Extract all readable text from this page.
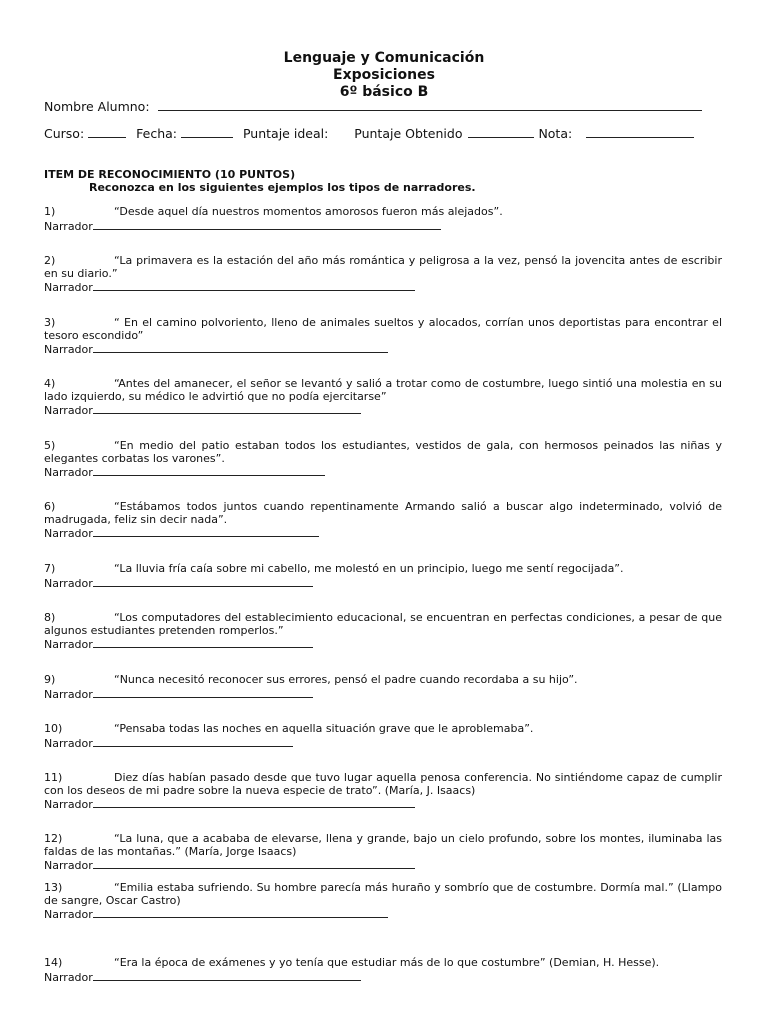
Lenguaje y Comunicación
Exposiciones
6º básico B
Nombre Alumno:
Curso:	Fecha:	Puntaje ideal: Puntaje Obtenido	Nota:
ITEM DE RECONOCIMIENTO (10 PUNTOS)
Reconozca en los siguientes ejemplos los tipos de narradores.
1)	“Desde aquel día nuestros momentos amorosos fueron más alejados”.
Narrador
2)	“La primavera es la estación del año más romántica y peligrosa a la vez, pensó la jovencita antes de escribir en su diario.”
Narrador
3)	“ En el camino polvoriento, lleno de animales sueltos y alocados, corrían unos deportistas para encontrar el tesoro escondido”
Narrador
4)	“Antes del amanecer, el señor se levantó y salió a trotar como de costumbre, luego sintió una molestia en su lado izquierdo, su médico le advirtió que no podía ejercitarse”
Narrador
5)	“En medio del patio estaban todos los estudiantes, vestidos de gala, con hermosos peinados las niñas y elegantes corbatas los varones”.
Narrador
6)	“Estábamos todos juntos cuando repentinamente Armando salió a buscar algo indeterminado, volvió de madrugada, feliz sin decir nada”.
Narrador
7)	“La lluvia fría caía sobre mi cabello, me molestó en un principio, luego me sentí regocijada”.
Narrador
8)	“Los computadores del establecimiento educacional, se encuentran en perfectas condiciones, a pesar de que algunos estudiantes pretenden romperlos.”
Narrador
9)	“Nunca necesitó reconocer sus errores, pensó el padre cuando recordaba a su hijo”.
Narrador
10)	“Pensaba todas las noches en aquella situación grave que le aproblemaba”.
Narrador
11)	Diez días habían pasado desde que tuvo lugar aquella penosa conferencia. No sintiéndome capaz de cumplir con los deseos de mi padre sobre la nueva especie de trato”. (María, J. Isaacs)
Narrador
12)	“La luna, que a acababa de elevarse, llena y grande, bajo un cielo profundo, sobre los montes, iluminaba las faldas de las montañas.” (María, Jorge Isaacs)
Narrador
13)	“Emilia estaba sufriendo. Su hombre parecía más huraño y sombrío que de costumbre. Dormía mal.” (Llampo de sangre, Oscar Castro)
Narrador
14)	“Era la época de exámenes y yo tenía que estudiar más de lo que costumbre” (Demian, H. Hesse).
Narrador
